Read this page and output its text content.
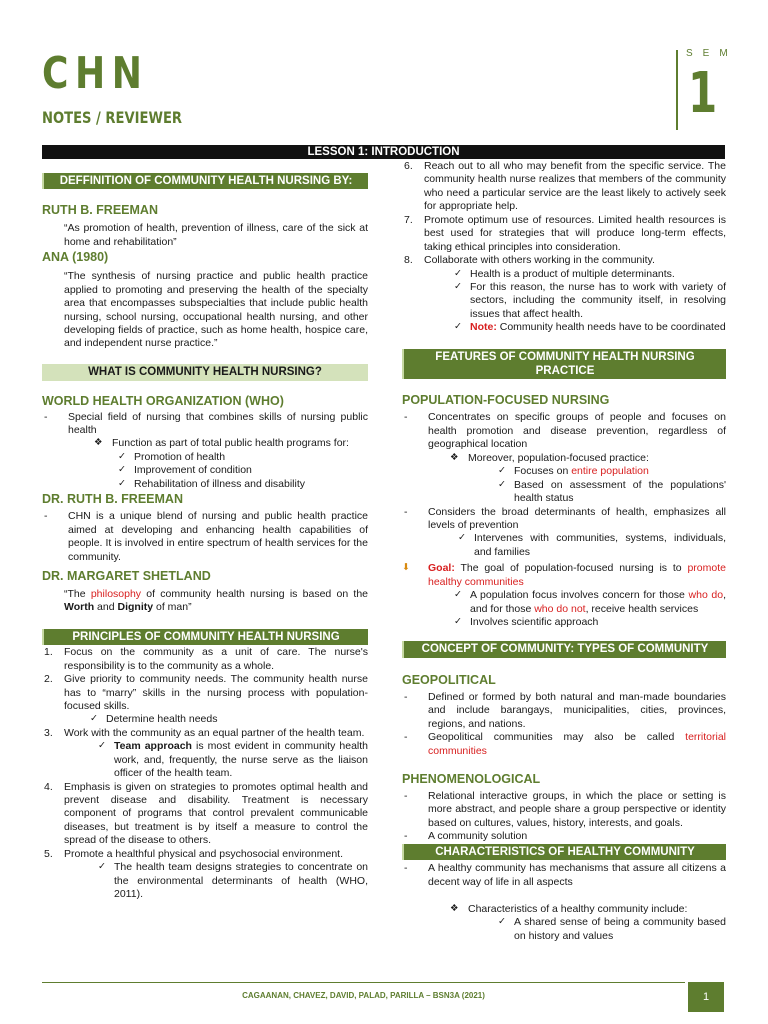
CHN
NOTES / REVIEWER
SEM
1
LESSON 1: INTRODUCTION
DEFFINITION OF COMMUNITY HEALTH NURSING BY:
RUTH B. FREEMAN
“As promotion of health, prevention of illness, care of the sick at home and rehabilitation”
ANA (1980)
“The synthesis of nursing practice and public health practice applied to promoting and preserving the health of the specialty area that encompasses subspecialties that include public health nursing, school nursing, occupational health nursing, and other developing fields of practice, such as home health, hospice care, and independent nurse practice.”
WHAT IS COMMUNITY HEALTH NURSING?
WORLD HEALTH ORGANIZATION (WHO)
- Special field of nursing that combines skills of nursing public health
❖ Function as part of total public health programs for:
✓ Promotion of health
✓ Improvement of condition
✓ Rehabilitation of illness and disability
DR. RUTH B. FREEMAN
- CHN is a unique blend of nursing and public health practice aimed at developing and enhancing health capabilities of people. It is involved in entire spectrum of health services for the community.
DR. MARGARET SHETLAND
“The philosophy of community health nursing is based on the Worth and Dignity of man”
PRINCIPLES OF COMMUNITY HEALTH NURSING
1. Focus on the community as a unit of care. The nurse's responsibility is to the community as a whole.
2. Give priority to community needs. The community health nurse has to “marry” skills in the nursing process with population-focused skills.
✓ Determine health needs
3. Work with the community as an equal partner of the health team.
✓ Team approach is most evident in community health work, and, frequently, the nurse serve as the liaison officer of the health team.
4. Emphasis is given on strategies to promotes optimal health and prevent disease and disability. Treatment is necessary component of programs that control prevalent communicable diseases, but treatment is by itself a measure to control the spread of the disease to others.
5. Promote a healthful physical and psychosocial environment.
✓ The health team designs strategies to concentrate on the environmental determinants of health (WHO, 2011).
6. Reach out to all who may benefit from the specific service. The community health nurse realizes that members of the community who need a particular service are the least likely to actively seek for appropriate help.
7. Promote optimum use of resources. Limited health resources is best used for strategies that will produce long-term effects, taking ethical principles into consideration.
8. Collaborate with others working in the community.
✓ Health is a product of multiple determinants.
✓ For this reason, the nurse has to work with variety of sectors, including the community itself, in resolving issues that affect health.
✓ Note: Community health needs have to be coordinated
FEATURES OF COMMUNITY HEALTH NURSING PRACTICE
POPULATION-FOCUSED NURSING
- Concentrates on specific groups of people and focuses on health promotion and disease prevention, regardless of geographical location
❖ Moreover, population-focused practice:
✓ Focuses on entire population
✓ Based on assessment of the populations' health status
- Considers the broad determinants of health, emphasizes all levels of prevention
✓ Intervenes with communities, systems, individuals, and families
⬇ Goal: The goal of population-focused nursing is to promote healthy communities
✓ A population focus involves concern for those who do, and for those who do not, receive health services
✓ Involves scientific approach
CONCEPT OF COMMUNITY: TYPES OF COMMUNITY
GEOPOLITICAL
- Defined or formed by both natural and man-made boundaries and include barangays, municipalities, cities, provinces, regions, and nations.
- Geopolitical communities may also be called territorial communities
PHENOMENOLOGICAL
- Relational interactive groups, in which the place or setting is more abstract, and people share a group perspective or identity based on cultures, values, history, interests, and goals.
- A community solution
CHARACTERISTICS OF HEALTHY COMMUNITY
- A healthy community has mechanisms that assure all citizens a decent way of life in all aspects
❖ Characteristics of a healthy community include:
✓ A shared sense of being a community based on history and values
CAGAANAN, CHAVEZ, DAVID, PALAD, PARILLA – BSN3A (2021)	1
